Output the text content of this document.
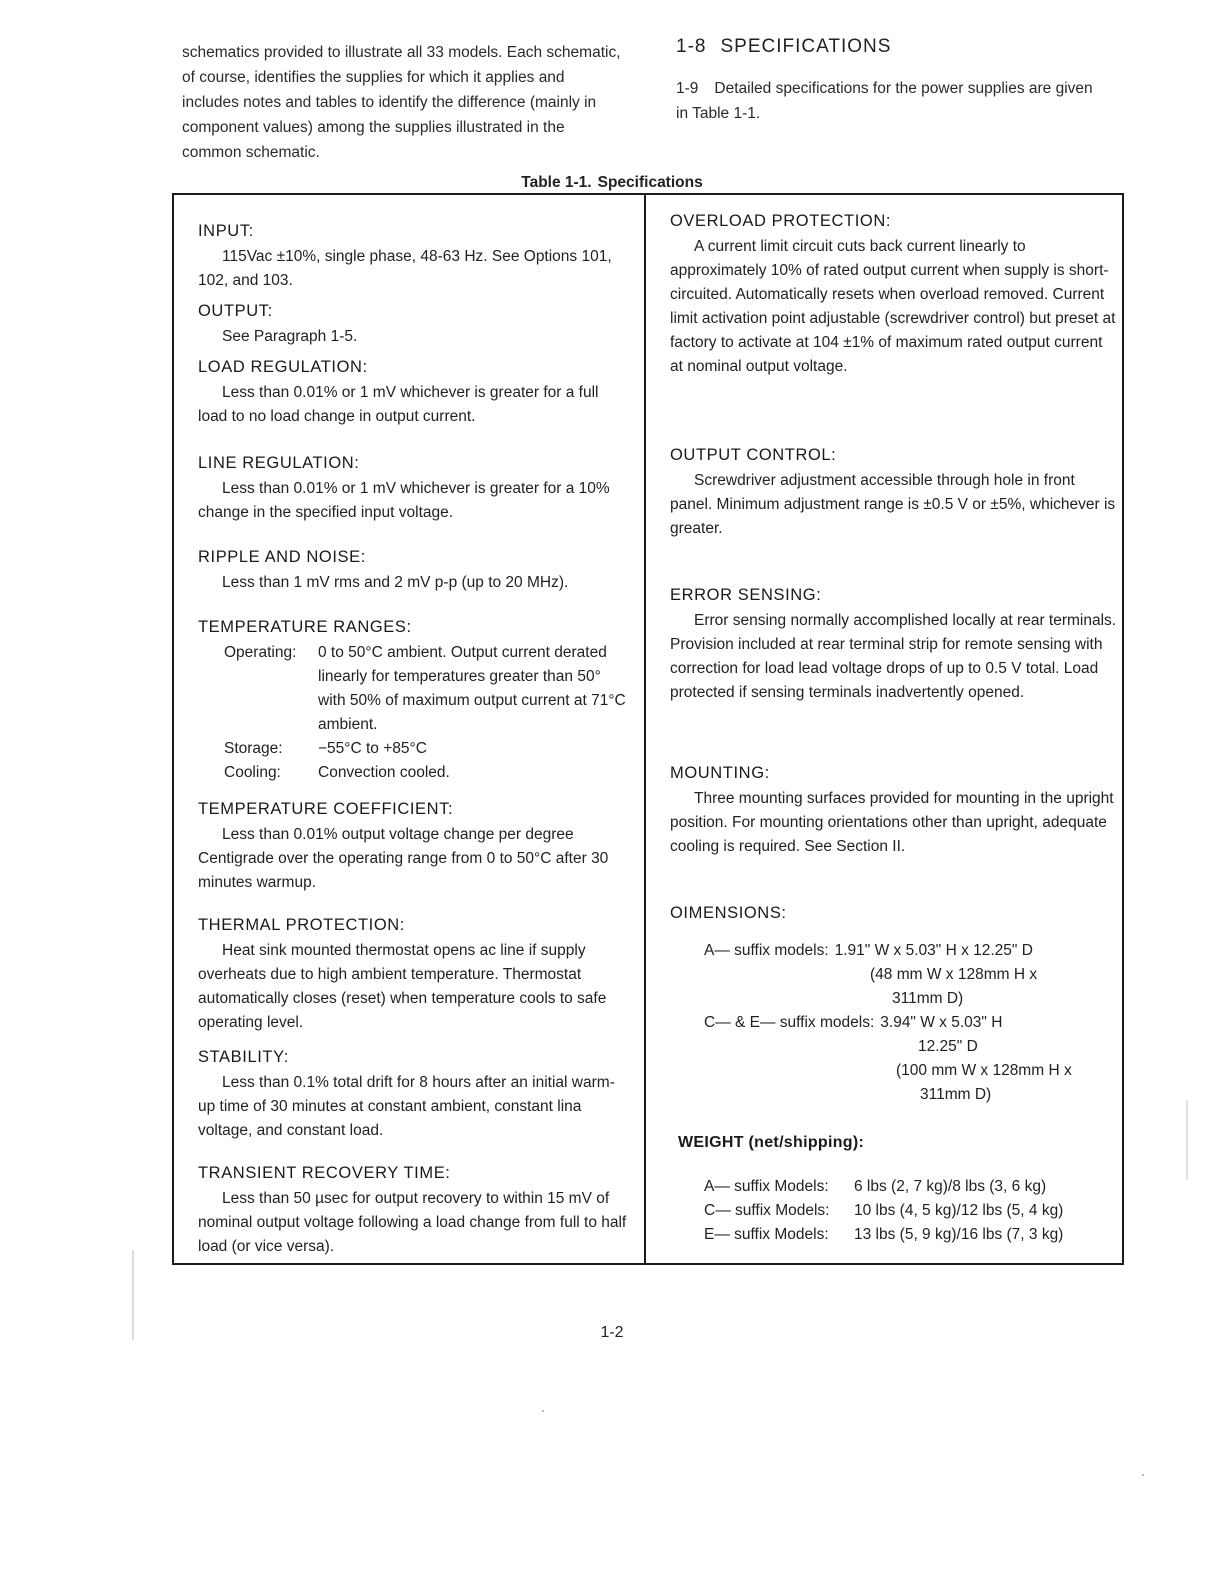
schematics provided to illustrate all 33 models. Each schematic, of course, identifies the supplies for which it applies and includes notes and tables to identify the difference (mainly in component values) among the supplies illustrated in the common schematic.
1-8 SPECIFICATIONS
1-9 Detailed specifications for the power supplies are given in Table 1-1.
Table 1-1. Specifications
INPUT:
115Vac ±10%, single phase, 48-63 Hz. See Options 101, 102, and 103.
OUTPUT:
See Paragraph 1-5.
LOAD REGULATION:
Less than 0.01% or 1 mV whichever is greater for a full load to no load change in output current.
LINE REGULATION:
Less than 0.01% or 1 mV whichever is greater for a 10% change in the specified input voltage.
RIPPLE AND NOISE:
Less than 1 mV rms and 2 mV p-p (up to 20 MHz).
TEMPERATURE RANGES:
Operating:	0 to 50°C ambient. Output current derated linearly for temperatures greater than 50° with 50% of maximum output current at 71°C ambient.
Storage:	−55°C to +85°C
Cooling:	Convection cooled.
TEMPERATURE COEFFICIENT:
Less than 0.01% output voltage change per degree Centigrade over the operating range from 0 to 50°C after 30 minutes warmup.
THERMAL PROTECTION:
Heat sink mounted thermostat opens ac line if supply overheats due to high ambient temperature. Thermostat automatically closes (reset) when temperature cools to safe operating level.
STABILITY:
Less than 0.1% total drift for 8 hours after an initial warm-up time of 30 minutes at constant ambient, constant lina voltage, and constant load.
TRANSIENT RECOVERY TIME:
Less than 50 µsec for output recovery to within 15 mV of nominal output voltage following a load change from full to half load (or vice versa).
OVERLOAD PROTECTION:
A current limit circuit cuts back current linearly to approximately 10% of rated output current when supply is short-circuited. Automatically resets when overload removed. Current limit activation point adjustable (screwdriver control) but preset at factory to activate at 104 ±1% of maximum rated output current at nominal output voltage.
OUTPUT CONTROL:
Screwdriver adjustment accessible through hole in front panel. Minimum adjustment range is ±0.5 V or ±5%, whichever is greater.
ERROR SENSING:
Error sensing normally accomplished locally at rear terminals. Provision included at rear terminal strip for remote sensing with correction for load lead voltage drops of up to 0.5 V total. Load protected if sensing terminals inadvertently opened.
MOUNTING:
Three mounting surfaces provided for mounting in the upright position. For mounting orientations other than upright, adequate cooling is required. See Section II.
OIMENSIONS:
A— suffix models: 1.91" W x 5.03" H x 12.25" D
(48 mm W x 128mm H x
311mm D)
C— & E— suffix models: 3.94" W x 5.03" H
12.25" D
(100 mm W x 128mm H x
311mm D)
WEIGHT (net/shipping):
A— suffix Models:	6 lbs (2, 7 kg)/8 lbs (3, 6 kg)
C— suffix Models:	10 lbs (4, 5 kg)/12 lbs (5, 4 kg)
E— suffix Models:	13 lbs (5, 9 kg)/16 lbs (7, 3 kg)
1-2
